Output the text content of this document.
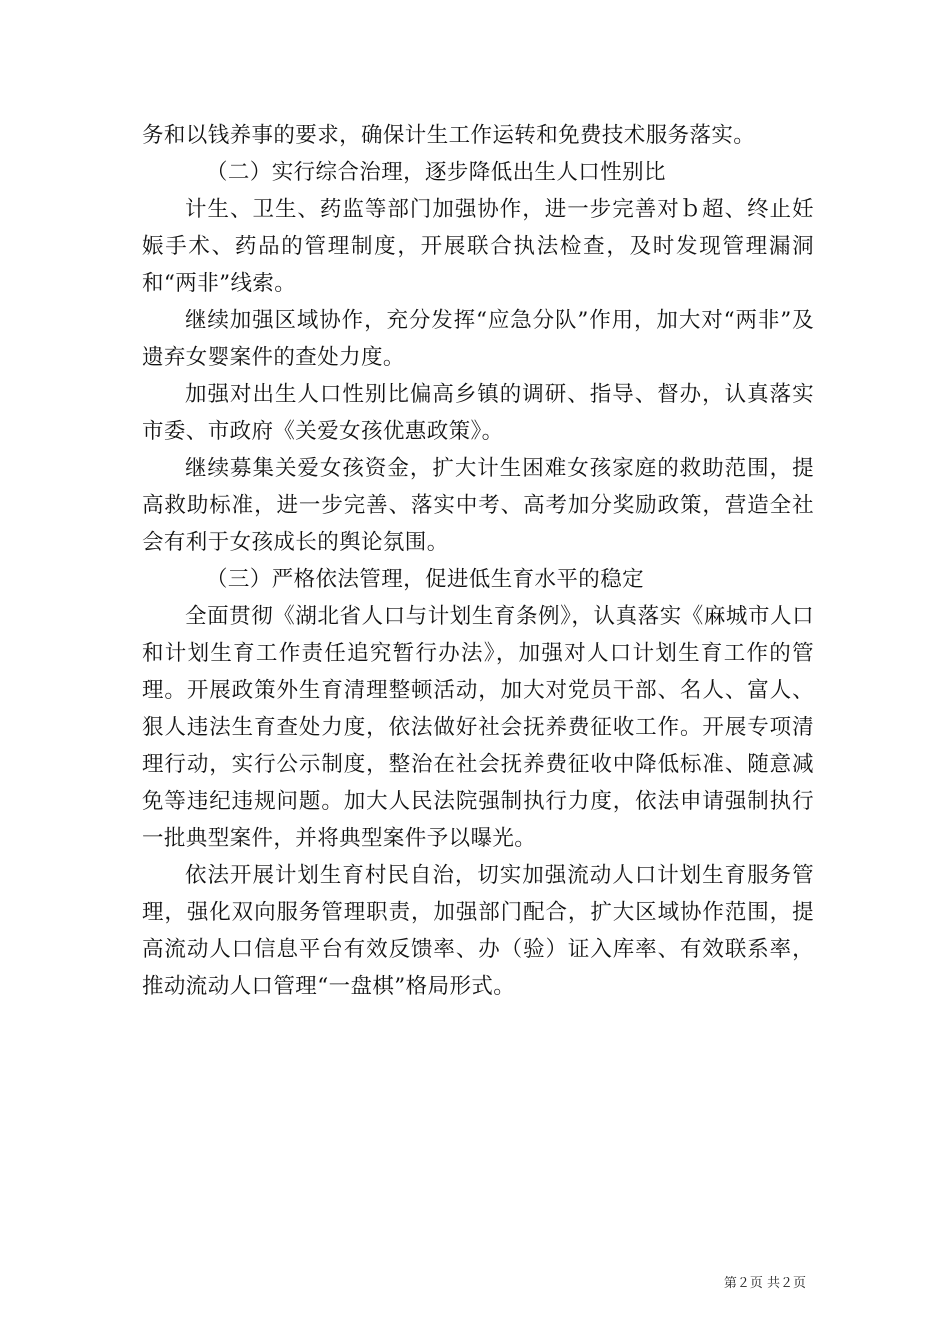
务和以钱养事的要求，确保计生工作运转和免费技术服务落实。

（二）实行综合治理，逐步降低出生人口性别比

计生、卫生、药监等部门加强协作，进一步完善对ｂ超、终止妊娠手术、药品的管理制度，开展联合执法检查，及时发现管理漏洞和“两非”线索。

继续加强区域协作，充分发挥“应急分队”作用，加大对“两非”及遗弃女婴案件的查处力度。

加强对出生人口性别比偏高乡镇的调研、指导、督办，认真落实市委、市政府《关爱女孩优惠政策》。

继续募集关爱女孩资金，扩大计生困难女孩家庭的救助范围，提高救助标准，进一步完善、落实中考、高考加分奖励政策，营造全社会有利于女孩成长的舆论氛围。

（三）严格依法管理，促进低生育水平的稳定

全面贯彻《湖北省人口与计划生育条例》，认真落实《麻城市人口和计划生育工作责任追究暂行办法》，加强对人口计划生育工作的管理。开展政策外生育清理整顿活动，加大对党员干部、名人、富人、狠人违法生育查处力度，依法做好社会抚养费征收工作。开展专项清理行动，实行公示制度，整治在社会抚养费征收中降低标准、随意减免等违纪违规问题。加大人民法院强制执行力度，依法申请强制执行一批典型案件，并将典型案件予以曝光。

依法开展计划生育村民自治，切实加强流动人口计划生育服务管理，强化双向服务管理职责，加强部门配合，扩大区域协作范围，提高流动人口信息平台有效反馈率、办（验）证入库率、有效联系率，推动流动人口管理“一盘棋”格局形式。

第２页 共２页
